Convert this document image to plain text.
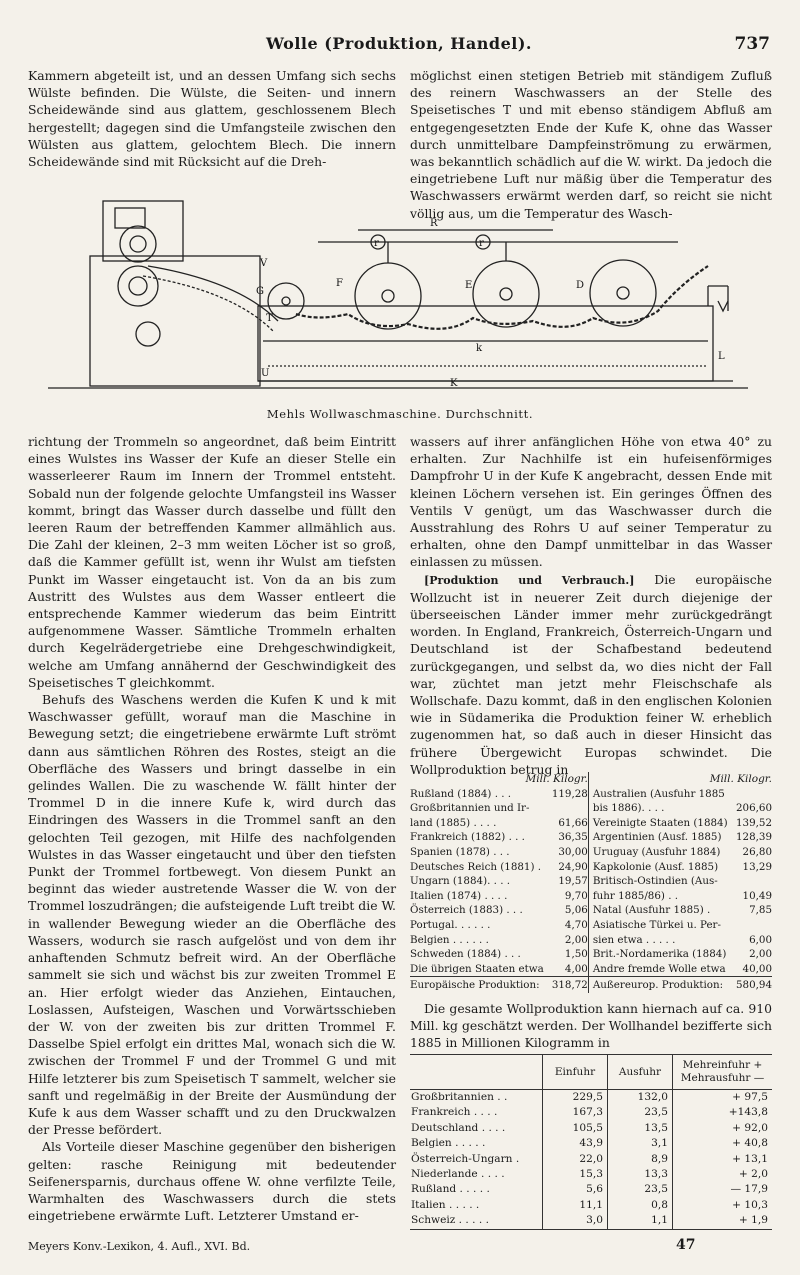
Wolle (Produktion, Handel).	737

Kammern abgeteilt ist, und an dessen Umfang sich sechs Wülste befinden. Die Wülste, die Seiten- und innern Scheidewände sind aus glattem, geschlossenem Blech hergestellt; dagegen sind die Umfangsteile zwischen den Wülsten aus glattem, gelochtem Blech. Die innern Scheidewände sind mit Rücksicht auf die Dreh-

möglichst einen stetigen Betrieb mit ständigem Zufluß des reinern Waschwassers an der Stelle des Speisetisches T und mit ebenso ständigem Abfluß am entgegengesetzten Ende der Kufe K, ohne das Wasser durch unmittelbare Dampfeinströmung zu erwärmen, was bekanntlich schädlich auf die W. wirkt. Da jedoch die eingetriebene Luft nur mäßig über die Temperatur des Waschwassers erwärmt werden darf, so reicht sie nicht völlig aus, um die Temperatur des Wasch-

R
r	r
V
G
F	E	D
T
k
K
U
L
Mehls Wollwaschmaschine. Durchschnitt.

richtung der Trommeln so angeordnet, daß beim Eintritt eines Wulstes ins Wasser der Kufe an dieser Stelle ein wasserleerer Raum im Innern der Trommel entsteht. Sobald nun der folgende gelochte Umfangsteil ins Wasser kommt, bringt das Wasser durch dasselbe und füllt den leeren Raum der betreffenden Kammer allmählich aus. Die Zahl der kleinen, 2–3 mm weiten Löcher ist so groß, daß die Kammer gefüllt ist, wenn ihr Wulst am tiefsten Punkt im Wasser eingetaucht ist. Von da an bis zum Austritt des Wulstes aus dem Wasser entleert die entsprechende Kammer wiederum das beim Eintritt aufgenommene Wasser. Sämtliche Trommeln erhalten durch Kegelrädergetriebe eine Drehgeschwindigkeit, welche am Umfang annähernd der Geschwindigkeit des Speisetisches T gleichkommt.

Behufs des Waschens werden die Kufen K und k mit Waschwasser gefüllt, worauf man die Maschine in Bewegung setzt; die eingetriebene erwärmte Luft strömt dann aus sämtlichen Röhren des Rostes, steigt an die Oberfläche des Wassers und bringt dasselbe in ein gelindes Wallen. Die zu waschende W. fällt hinter der Trommel D in die innere Kufe k, wird durch das Eindringen des Wassers in die Trommel sanft an den gelochten Teil gezogen, mit Hilfe des nachfolgenden Wulstes in das Wasser eingetaucht und über den tiefsten Punkt der Trommel fortbewegt. Von diesem Punkt an beginnt das wieder austretende Wasser die W. von der Trommel loszudrängen; die aufsteigende Luft treibt die W. in wallender Bewegung wieder an die Oberfläche des Wassers, wodurch sie rasch aufgelöst und von dem ihr anhaftenden Schmutz befreit wird. An der Oberfläche sammelt sie sich und wächst bis zur zweiten Trommel E an. Hier erfolgt wieder das Anziehen, Eintauchen, Loslassen, Aufsteigen, Waschen und Vorwärtsschieben der W. von der zweiten bis zur dritten Trommel F. Dasselbe Spiel erfolgt ein drittes Mal, wonach sich die W. zwischen der Trommel F und der Trommel G und mit Hilfe letzterer bis zum Speisetisch T sammelt, welcher sie sanft und regelmäßig in der Breite der Ausmündung der Kufe k aus dem Wasser schafft und zu den Druckwalzen der Presse befördert.

Als Vorteile dieser Maschine gegenüber den bisherigen gelten: rasche Reinigung mit bedeutender Seifenersparnis, durchaus offene W. ohne verfilzte Teile, Warmhalten des Waschwassers durch die stets eingetriebene erwärmte Luft. Letzterer Umstand er-

wassers auf ihrer anfänglichen Höhe von etwa 40° zu erhalten. Zur Nachhilfe ist ein hufeisenförmiges Dampfrohr U in der Kufe K angebracht, dessen Ende mit kleinen Löchern versehen ist. Ein geringes Öffnen des Ventils V genügt, um das Waschwasser durch die Ausstrahlung des Rohrs U auf seiner Temperatur zu erhalten, ohne den Dampf unmittelbar in das Wasser einlassen zu müssen.

[Produktion und Verbrauch.] Die europäische Wollzucht ist in neuerer Zeit durch diejenige der überseeischen Länder immer mehr zurückgedrängt worden. In England, Frankreich, Österreich-Ungarn und Deutschland ist der Schafbestand bedeutend zurückgegangen, und selbst da, wo dies nicht der Fall war, züchtet man jetzt mehr Fleischschafe als Wollschafe. Dazu kommt, daß in den englischen Kolonien wie in Südamerika die Produktion feiner W. erheblich zugenommen hat, so daß auch in dieser Hinsicht das frühere Übergewicht Europas schwindet. Die Wollproduktion betrug in

Mill. Kilogr.		Mill. Kilogr.	
Rußland (1884) . . .	119,28	Australien (Ausfuhr 1885	
Großbritannien und Ir-		bis 1886). . . .	206,60
land (1885) . . . .	61,66	Vereinigte Staaten (1884)	139,52
Frankreich (1882) . . .	36,35	Argentinien (Ausf. 1885)	128,39
Spanien (1878) . . .	30,00	Uruguay (Ausfuhr 1884)	26,80
Deutsches Reich (1881) .	24,90	Kapkolonie (Ausf. 1885)	13,29
Ungarn (1884). . . .	19,57	Britisch-Ostindien (Aus-	
Italien (1874) . . . .	9,70	fuhr 1885/86) . .	10,49
Österreich (1883) . . .	5,06	Natal (Ausfuhr 1885) .	7,85
Portugal. . . . . .	4,70	Asiatische Türkei u. Per-	
Belgien . . . . . .	2,00	sien etwa . . . . .	6,00
Schweden (1884) . . .	1,50	Brit.-Nordamerika (1884)	2,00
Die übrigen Staaten etwa	4,00	Andre fremde Wolle etwa	40,00
Europäische Produktion:	318,72	Außereurop. Produktion:	580,94

Die gesamte Wollproduktion kann hiernach auf ca. 910 Mill. kg geschätzt werden. Der Wollhandel bezifferte sich 1885 in Millionen Kilogramm in

	Einfuhr	Ausfuhr	Mehreinfuhr + Mehrausfuhr —
Großbritannien . .	229,5	132,0	+ 97,5
Frankreich . . . .	167,3	23,5	+143,8
Deutschland . . . .	105,5	13,5	+ 92,0
Belgien . . . . .	43,9	3,1	+ 40,8
Österreich-Ungarn .	22,0	8,9	+ 13,1
Niederlande . . . .	15,3	13,3	+ 2,0
Rußland . . . . .	5,6	23,5	— 17,9
Italien . . . . .	11,1	0,8	+ 10,3
Schweiz . . . . .	3,0	1,1	+ 1,9
Meyers Konv.-Lexikon, 4. Aufl., XVI. Bd.	47
